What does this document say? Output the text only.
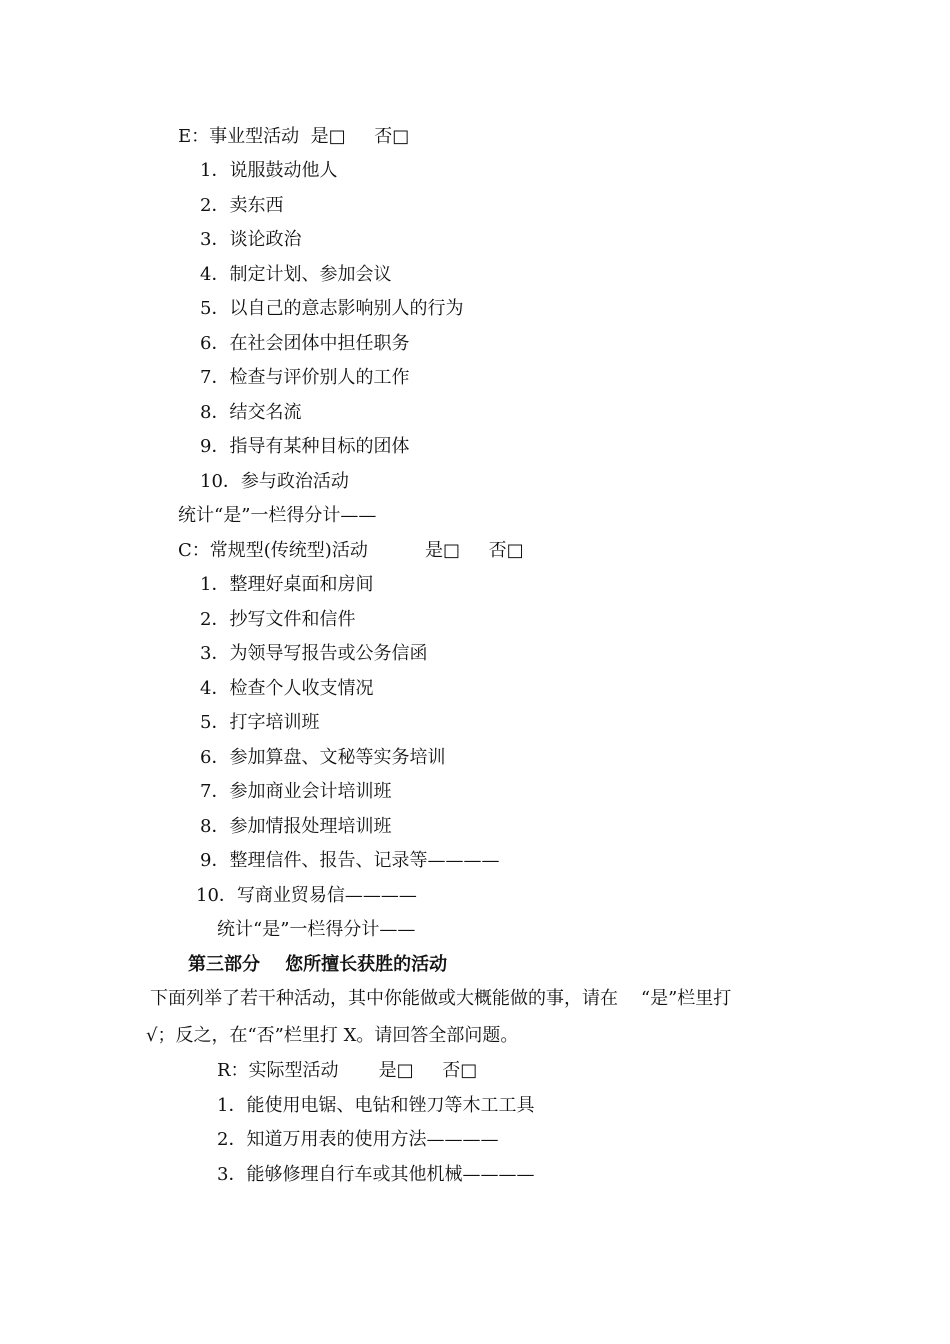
E：事业型活动  是□     否□
1．说服鼓动他人
2．卖东西
3．谈论政治
4．制定计划、参加会议
5．以自己的意志影响别人的行为
6．在社会团体中担任职务
7．检查与评价别人的工作
8．结交名流
9．指导有某种目标的团体
10．参与政治活动
统计“是”一栏得分计——
C：常规型(传统型)活动          是□     否□
1．整理好桌面和房间
2．抄写文件和信件
3．为领导写报告或公务信函
4．检查个人收支情况
5．打字培训班
6．参加算盘、文秘等实务培训
7．参加商业会计培训班
8．参加情报处理培训班
9．整理信件、报告、记录等————
10．写商业贸易信————
统计“是”一栏得分计——
第三部分    您所擅长获胜的活动
下面列举了若干种活动，其中你能做或大概能做的事，请在    “是”栏里打
√；反之，在“否”栏里打 X。请回答全部问题。
R：实际型活动       是□     否□
1．能使用电锯、电钻和锉刀等木工工具
2．知道万用表的使用方法————
3．能够修理自行车或其他机械————
